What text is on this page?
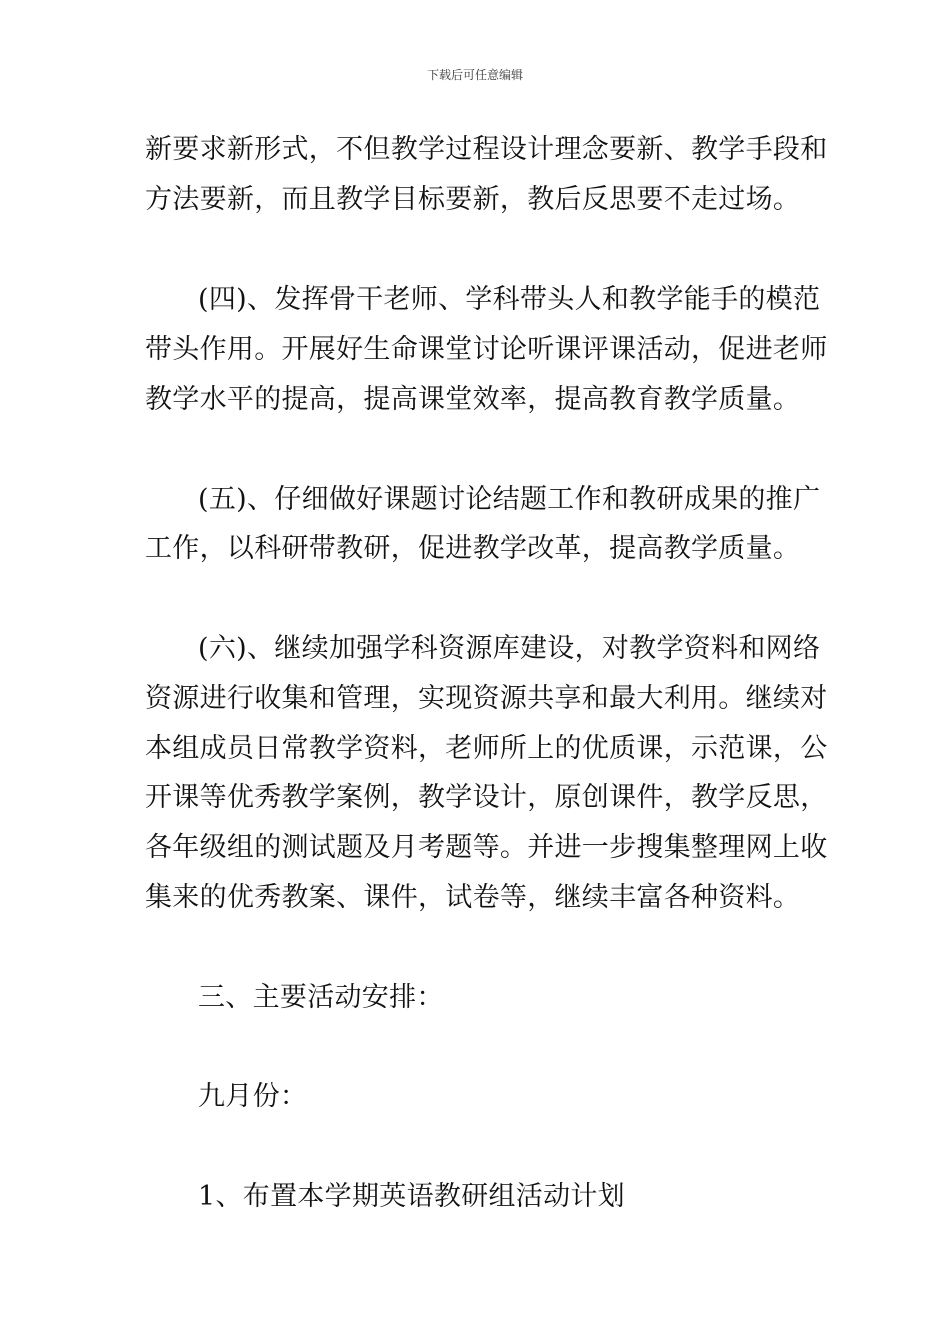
下载后可任意编辑
新要求新形式，不但教学过程设计理念要新、教学手段和
方法要新，而且教学目标要新，教后反思要不走过场。
(四)、发挥骨干老师、学科带头人和教学能手的模范
带头作用。开展好生命课堂讨论听课评课活动，促进老师
教学水平的提高，提高课堂效率，提高教育教学质量。
(五)、仔细做好课题讨论结题工作和教研成果的推广
工作，以科研带教研，促进教学改革，提高教学质量。
(六)、继续加强学科资源库建设，对教学资料和网络
资源进行收集和管理，实现资源共享和最大利用。继续对
本组成员日常教学资料，老师所上的优质课，示范课，公
开课等优秀教学案例，教学设计，原创课件，教学反思，
各年级组的测试题及月考题等。并进一步搜集整理网上收
集来的优秀教案、课件，试卷等，继续丰富各种资料。
三、主要活动安排：
九月份：
1、布置本学期英语教研组活动计划
